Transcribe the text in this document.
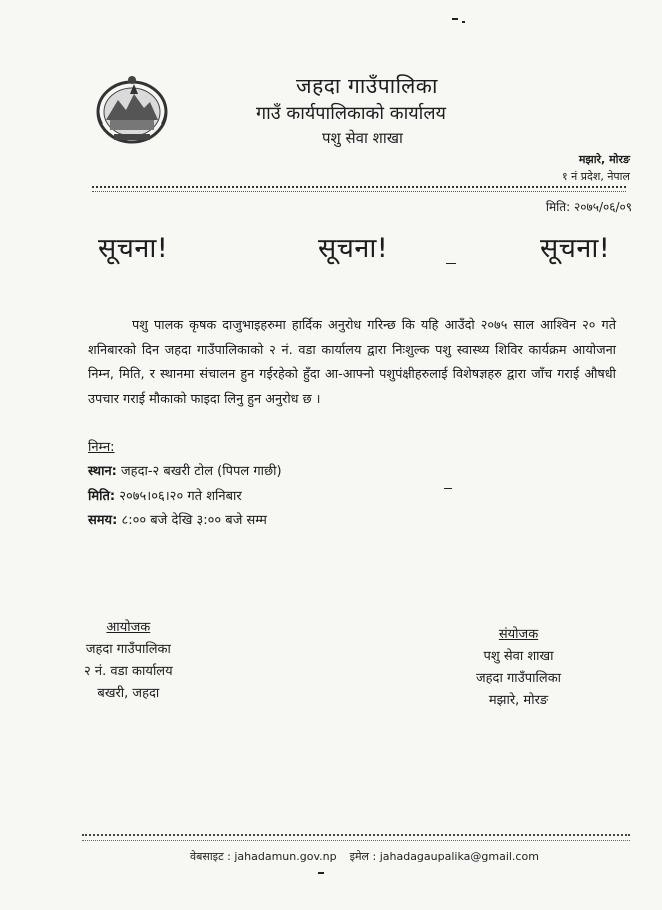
जहदा गाउँपालिका
गाउँ कार्यपालिकाको कार्यालय
पशु सेवा शाखा
मझारे, मोरङ
१ नं प्रदेश, नेपाल
मिति: २०७५/०६/०९
सूचना!	सूचना!	सूचना!
पशु पालक कृषक दाजुभाइहरुमा हार्दिक अनुरोध गरिन्छ कि यहि आउँदो २०७५ साल आश्विन २० गते शनिबारको दिन जहदा गाउँपालिकाको २ नं. वडा कार्यालय द्वारा निःशुल्क पशु स्वास्थ्य शिविर कार्यक्रम आयोजना निम्न, मिति, र स्थानमा संचालन हुन गईरहेको हुँदा आ-आफ्नो पशुपंक्षीहरुलाई विशेषज्ञहरु द्वारा जाँच गराई औषधी उपचार गराई मौकाको फाइदा लिनु हुन अनुरोध छ ।
निम्न:
स्थान: जहदा-२ बखरी टोल (पिपल गाछी)
मिति: २०७५।०६।२० गते शनिबार
समय: ८:०० बजे देखि ३:०० बजे सम्म
आयोजक
जहदा गाउँपालिका
२ नं. वडा कार्यालय
बखरी, जहदा
संयोजक
पशु सेवा शाखा
जहदा गाउँपालिका
मझारे, मोरङ
वेबसाइट : jahadamun.gov.np इमेल : jahadagaupalika@gmail.com
